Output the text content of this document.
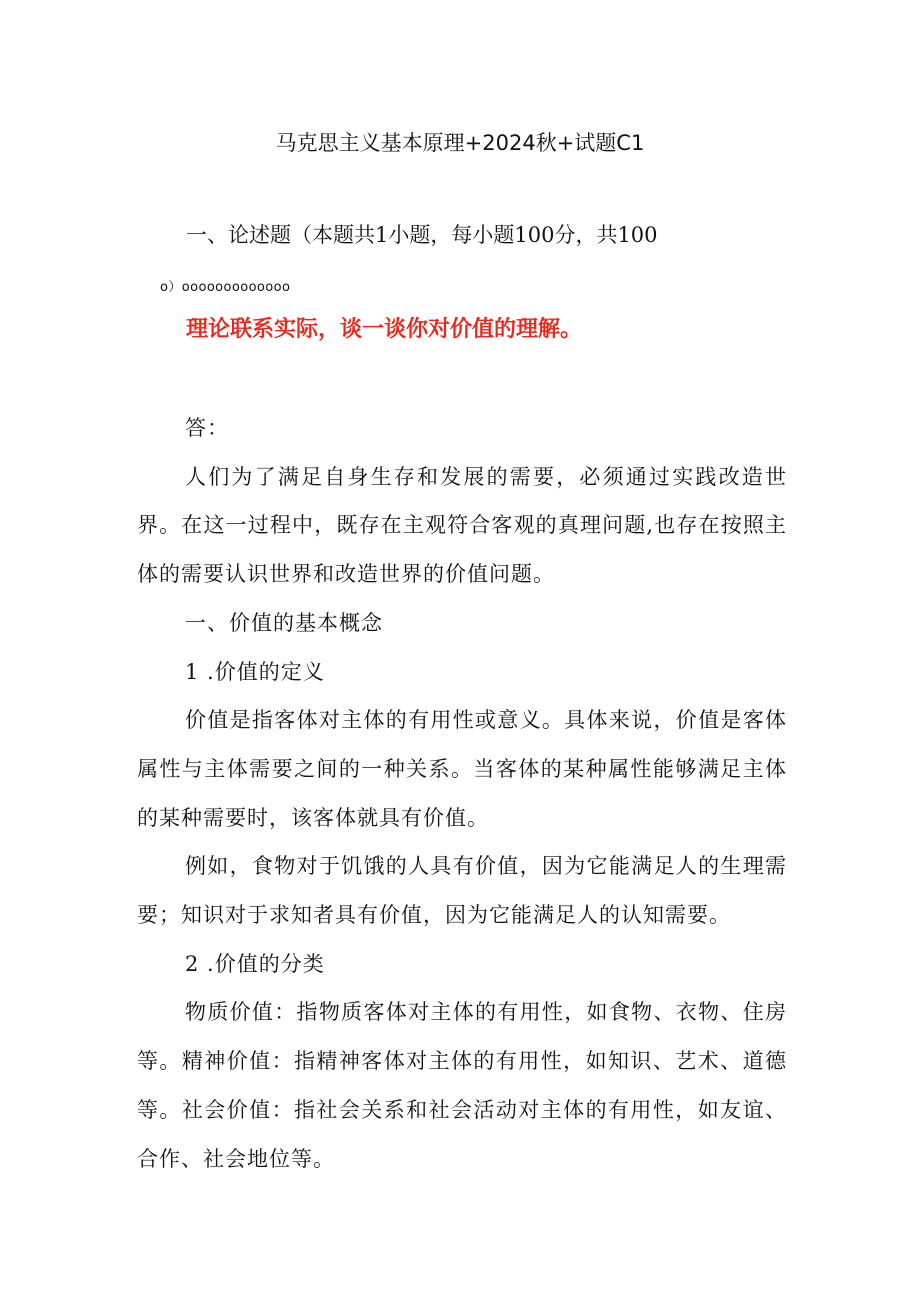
马克思主义基本原理+2024秋+试题C1
一、论述题（本题共1小题，每小题100分，共100
o）ooooooooooooo
理论联系实际，谈一谈你对价值的理解。

答：

人们为了满足自身生存和发展的需要，必须通过实践改造世界。在这一过程中，既存在主观符合客观的真理问题,也存在按照主体的需要认识世界和改造世界的价值问题。

一、价值的基本概念

1 .价值的定义

价值是指客体对主体的有用性或意义。具体来说，价值是客体属性与主体需要之间的一种关系。当客体的某种属性能够满足主体的某种需要时，该客体就具有价值。

例如，食物对于饥饿的人具有价值，因为它能满足人的生理需要；知识对于求知者具有价值，因为它能满足人的认知需要。

2 .价值的分类

物质价值：指物质客体对主体的有用性，如食物、衣物、住房等。精神价值：指精神客体对主体的有用性，如知识、艺术、道德等。社会价值：指社会关系和社会活动对主体的有用性，如友谊、合作、社会地位等。
